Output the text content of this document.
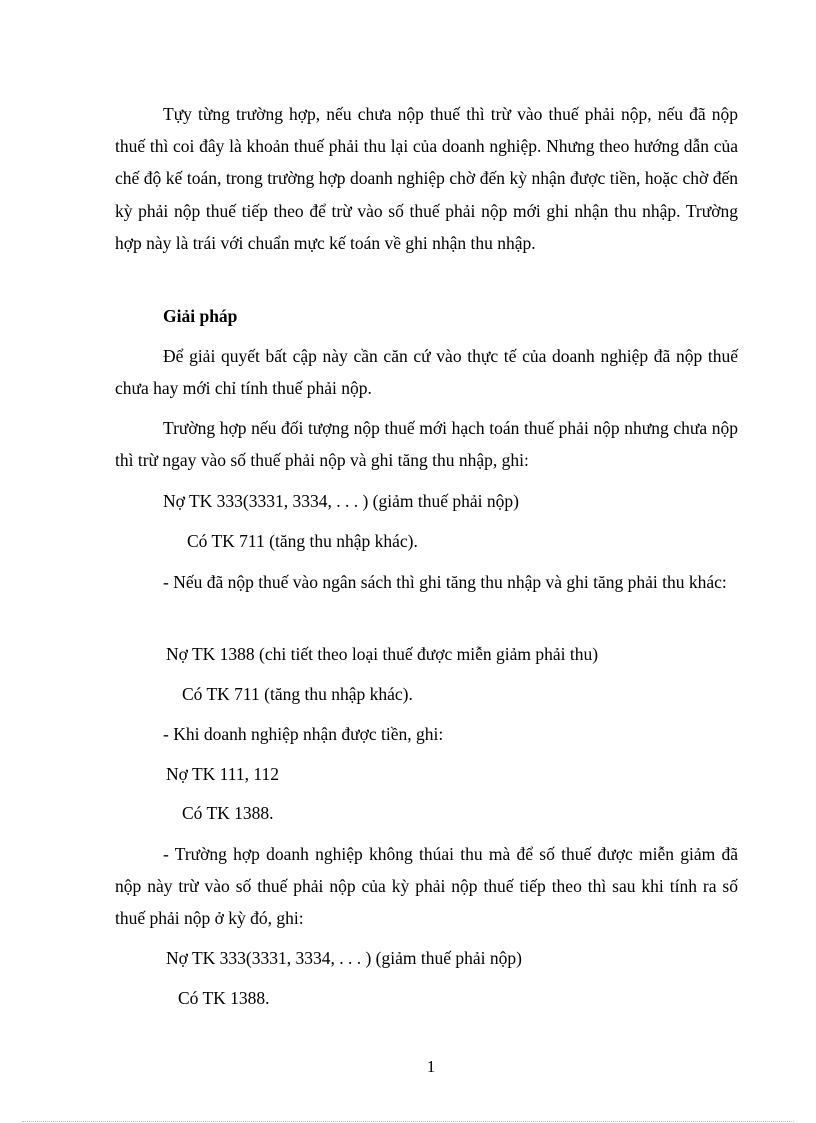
Tựy từng trường hợp, nếu chưa nộp thuế thì trừ vào thuế phải nộp, nếu đã nộp thuế thì coi đây là khoản thuế phải thu lại của doanh nghiệp. Nhưng theo hướng dẫn của chế độ kế toán, trong trường hợp doanh nghiệp chờ đến kỳ nhận được tiền, hoặc chờ đến kỳ phải nộp thuế tiếp theo để trừ vào số thuế phải nộp mới ghi nhận thu nhập. Trường hợp này là trái với chuẩn mực kế toán về ghi nhận thu nhập.

Giải pháp

Để giải quyết bất cập này cần căn cứ vào thực tế của doanh nghiệp đã nộp thuế chưa hay mới chỉ tính thuế phải nộp.

Trường hợp nếu đối tượng nộp thuế mới hạch toán thuế phải nộp nhưng chưa nộp thì trừ ngay vào số thuế phải nộp và ghi tăng thu nhập, ghi:

Nợ TK 333(3331, 3334, . . . ) (giảm thuế phải nộp)

Có TK 711 (tăng thu nhập khác).

- Nếu đã nộp thuế vào ngân sách thì ghi tăng thu nhập và ghi tăng phải thu khác:

Nợ TK 1388 (chi tiết theo loại thuế được miễn giảm phải thu)

Có TK 711 (tăng thu nhập khác).

- Khi doanh nghiệp nhận được tiền, ghi:

Nợ TK 111, 112

Có TK 1388.

- Trường hợp doanh nghiệp không thúai thu mà để số thuế được miễn giảm đã nộp này trừ vào số thuế phải nộp của kỳ phải nộp thuế tiếp theo thì sau khi tính ra số thuế phải nộp ở kỳ đó, ghi:

Nợ TK 333(3331, 3334, . . . ) (giảm thuế phải nộp)

Có TK 1388.

1
